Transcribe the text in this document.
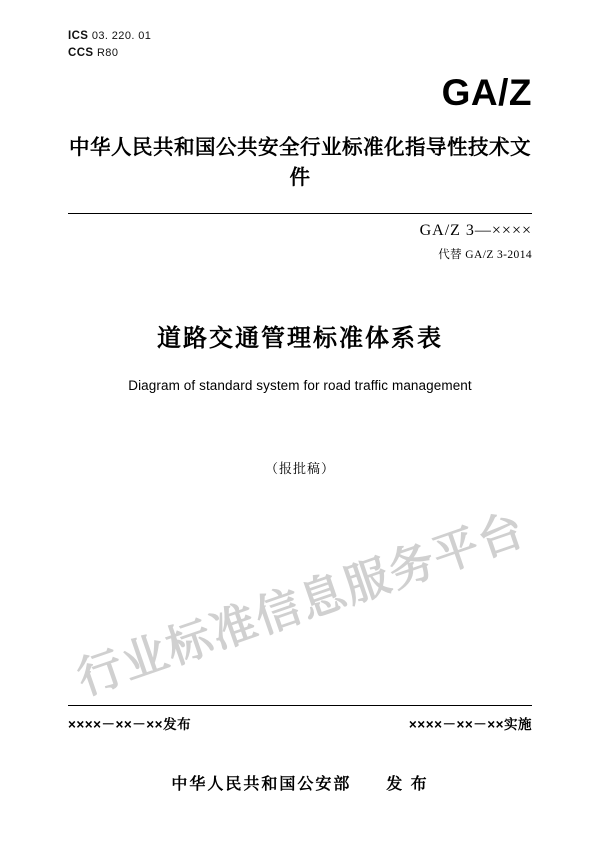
ICS 03. 220. 01
CCS R80
GA/Z
中华人民共和国公共安全行业标准化指导性技术文件
GA/Z 3—××××
代替 GA/Z 3-2014
道路交通管理标准体系表
Diagram of standard system for road traffic management
（报批稿）
行业标准信息服务平台
××××－××－××发布	××××－××－××实施
中华人民共和国公安部 发 布
